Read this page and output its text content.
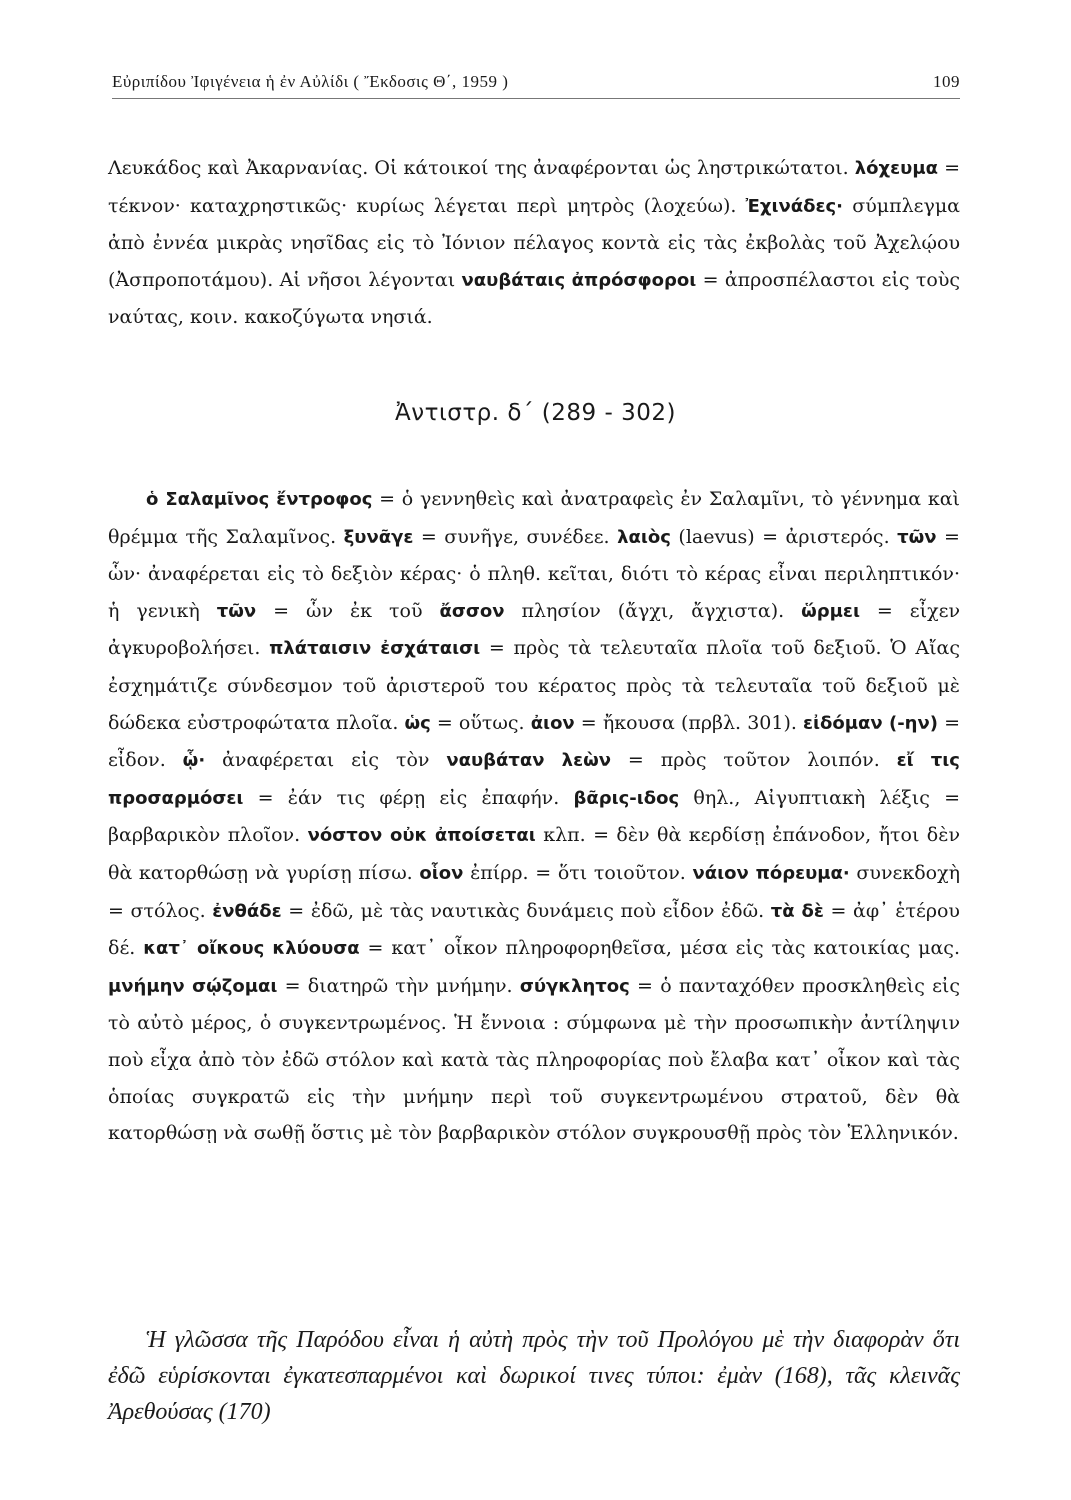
Εὐριπίδου Ἰφιγένεια ἡ ἐν Αὐλίδι ( Ἔκδοσις Θ΄, 1959 )	109

Λευκάδος καὶ Ἀκαρνανίας. Οἱ κάτοικοί της ἀναφέρονται ὡς ληστρικώτατοι. λόχευμα = τέκνον· καταχρηστικῶς· κυρίως λέγεται περὶ μητρὸς (λοχεύω). Ἐχινάδες· σύμπλεγμα ἀπὸ ἐννέα μικρὰς νησῖδας εἰς τὸ Ἰόνιον πέλαγος κοντὰ εἰς τὰς ἐκβολὰς τοῦ Ἀχελῴου (Ἀσπροποτάμου). Αἱ νῆσοι λέγονται ναυβάταις ἀπρόσφοροι = ἀπροσπέλαστοι εἰς τοὺς ναύτας, κοιν. κακοζύγωτα νησιά.

Ἀντιστρ. δ΄ (289 - 302)

ὁ Σαλαμῖνος ἔντροφος = ὁ γεννηθεὶς καὶ ἀνατραφεὶς ἐν Σαλαμῖνι, τὸ γέννημα καὶ θρέμμα τῆς Σαλαμῖνος. ξυνᾶγε = συνῆγε, συνέδεε. λαιὸς (laevus) = ἀριστερός. τῶν = ὧν· ἀναφέρεται εἰς τὸ δεξιὸν κέρας· ὁ πληθ. κεῖται, διότι τὸ κέρας εἶναι περιληπτικόν· ἡ γενικὴ τῶν = ὧν ἐκ τοῦ ἄσσον πλησίον (ἄγχι, ἄγχιστα). ὥρμει = εἶχεν ἀγκυροβολήσει. πλάταισιν ἐσχάταισι = πρὸς τὰ τελευταῖα πλοῖα τοῦ δεξιοῦ. Ὁ Αἴας ἐσχημάτιζε σύνδεσμον τοῦ ἀριστεροῦ του κέρατος πρὸς τὰ τελευταῖα τοῦ δεξιοῦ μὲ δώδεκα εὐστροφώτατα πλοῖα. ὡς = οὕτως. ἀιον = ἤκουσα (πρβλ. 301). εἰδόμαν (-ην) = εἶδον. ᾧ· ἀναφέρεται εἰς τὸν ναυβάταν λεὼν = πρὸς τοῦτον λοιπόν. εἴ τις προσαρμόσει = ἐάν τις φέρῃ εἰς ἐπαφήν. βᾶρις-ιδος θηλ., Αἰγυπτιακὴ λέξις = βαρβαρικὸν πλοῖον. νόστον οὐκ ἀποίσεται κλπ. = δὲν θὰ κερδίσῃ ἐπάνοδον, ἤτοι δὲν θὰ κατορθώσῃ νὰ γυρίσῃ πίσω. οἷον ἐπίρρ. = ὅτι τοιοῦτον. νάιον πόρευμα· συνεκδοχὴ = στόλος. ἐνθάδε = ἐδῶ, μὲ τὰς ναυτικὰς δυνάμεις ποὺ εἶδον ἐδῶ. τὰ δὲ = ἀφ᾽ ἑτέρου δέ. κατ᾽ οἴκους κλύουσα = κατ᾽ οἶκον πληροφορηθεῖσα, μέσα εἰς τὰς κατοικίας μας. μνήμην σῴζομαι = διατηρῶ τὴν μνήμην. σύγκλητος = ὁ πανταχόθεν προσκληθεὶς εἰς τὸ αὐτὸ μέρος, ὁ συγκεντρωμένος. Ἡ ἔννοια : σύμφωνα μὲ τὴν προσωπικὴν ἀντίληψιν ποὺ εἶχα ἀπὸ τὸν ἐδῶ στόλον καὶ κατὰ τὰς πληροφορίας ποὺ ἔλαβα κατ᾽ οἶκον καὶ τὰς ὁποίας συγκρατῶ εἰς τὴν μνήμην περὶ τοῦ συγκεντρωμένου στρατοῦ, δὲν θὰ κατορθώσῃ νὰ σωθῇ ὅστις μὲ τὸν βαρβαρικὸν στόλον συγκρουσθῇ πρὸς τὸν Ἑλληνικόν.

Ἡ γλῶσσα τῆς Παρόδου εἶναι ἡ αὐτὴ πρὸς τὴν τοῦ Προλόγου μὲ τὴν διαφορὰν ὅτι ἐδῶ εὑρίσκονται ἐγκατεσπαρμένοι καὶ δωρικοί τινες τύποι: ἐμὰν (168), τᾶς κλεινᾶς Ἀρεθούσας (170)
